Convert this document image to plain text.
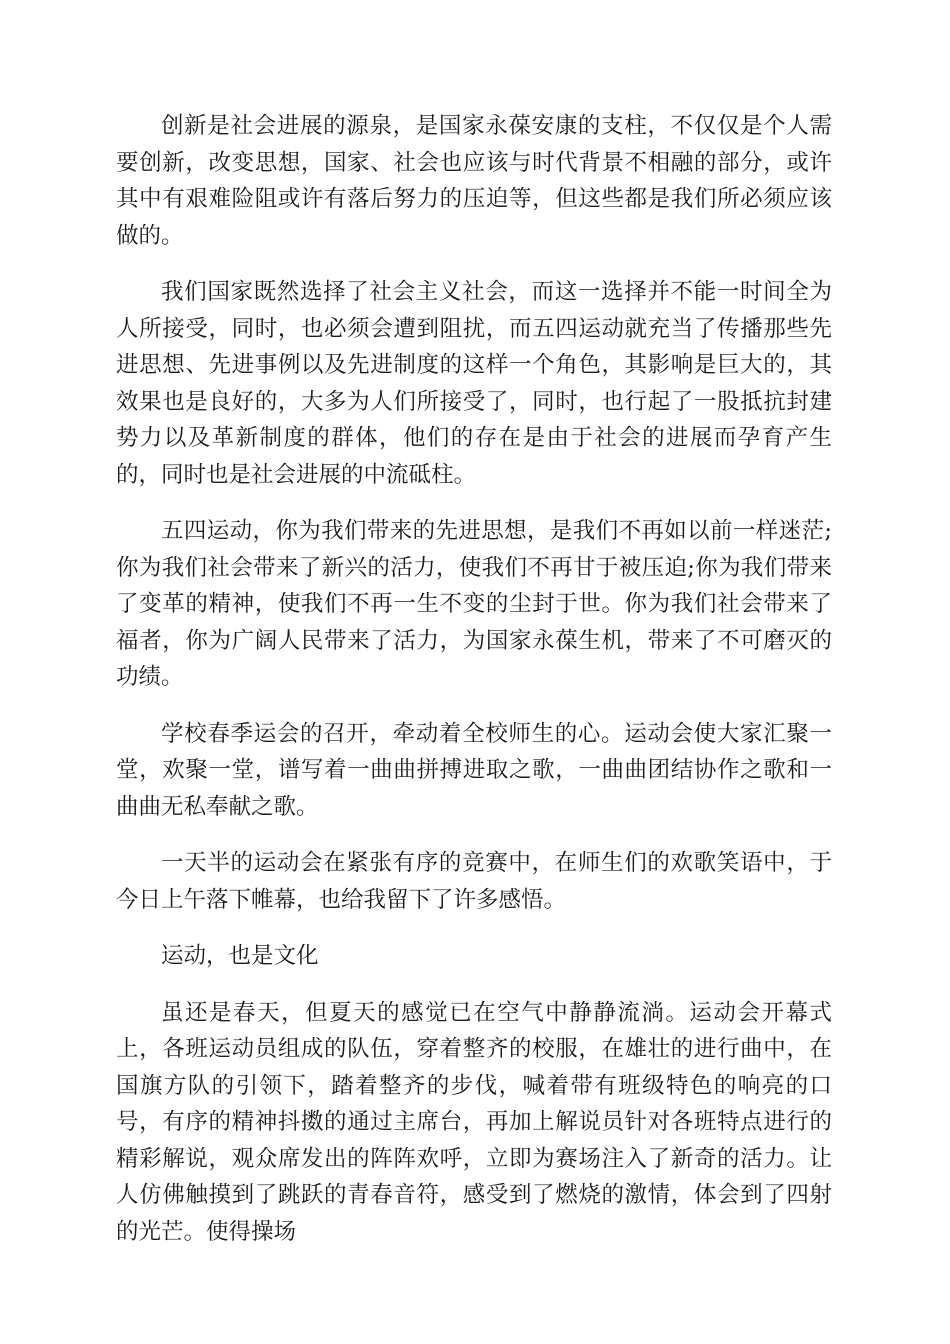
创新是社会进展的源泉，是国家永葆安康的支柱，不仅仅是个人需要创新，改变思想，国家、社会也应该与时代背景不相融的部分，或许其中有艰难险阻或许有落后努力的压迫等，但这些都是我们所必须应该做的。

我们国家既然选择了社会主义社会，而这一选择并不能一时间全为人所接受，同时，也必须会遭到阻扰，而五四运动就充当了传播那些先进思想、先进事例以及先进制度的这样一个角色，其影响是巨大的，其效果也是良好的，大多为人们所接受了，同时，也行起了一股抵抗封建势力以及革新制度的群体，他们的存在是由于社会的进展而孕育产生的，同时也是社会进展的中流砥柱。

五四运动，你为我们带来的先进思想，是我们不再如以前一样迷茫;你为我们社会带来了新兴的活力，使我们不再甘于被压迫;你为我们带来了变革的精神，使我们不再一生不变的尘封于世。你为我们社会带来了福者，你为广阔人民带来了活力，为国家永葆生机，带来了不可磨灭的功绩。

学校春季运会的召开，牵动着全校师生的心。运动会使大家汇聚一堂，欢聚一堂，谱写着一曲曲拼搏进取之歌，一曲曲团结协作之歌和一曲曲无私奉献之歌。

一天半的运动会在紧张有序的竞赛中，在师生们的欢歌笑语中，于今日上午落下帷幕，也给我留下了许多感悟。

运动，也是文化

虽还是春天，但夏天的感觉已在空气中静静流淌。运动会开幕式上，各班运动员组成的队伍，穿着整齐的校服，在雄壮的进行曲中，在国旗方队的引领下，踏着整齐的步伐，喊着带有班级特色的响亮的口号，有序的精神抖擞的通过主席台，再加上解说员针对各班特点进行的精彩解说，观众席发出的阵阵欢呼，立即为赛场注入了新奇的活力。让人仿佛触摸到了跳跃的青春音符，感受到了燃烧的激情，体会到了四射的光芒。使得操场
